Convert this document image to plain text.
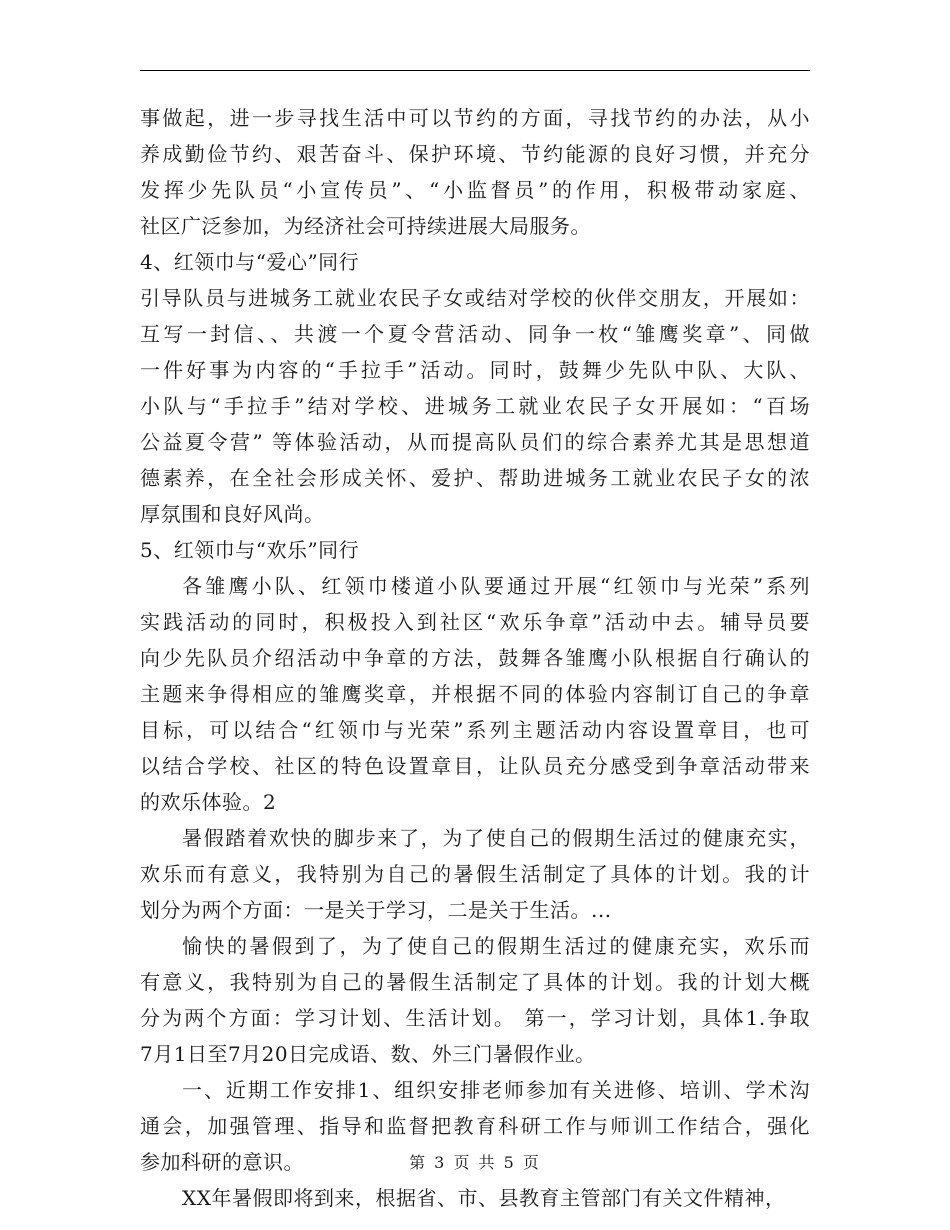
事做起，进一步寻找生活中可以节约的方面，寻找节约的办法，从小
养成勤俭节约、艰苦奋斗、保护环境、节约能源的良好习惯，并充分
发挥少先队员“小宣传员”、“小监督员”的作用，积极带动家庭、
社区广泛参加，为经济社会可持续进展大局服务。
4、红领巾与“爱心”同行
引导队员与进城务工就业农民子女或结对学校的伙伴交朋友，开展如：
互写一封信、、共渡一个夏令营活动、同争一枚“雏鹰奖章”、同做
一件好事为内容的“手拉手”活动。同时，鼓舞少先队中队、大队、
小队与“手拉手”结对学校、进城务工就业农民子女开展如：“百场
公益夏令营” 等体验活动，从而提高队员们的综合素养尤其是思想道
德素养，在全社会形成关怀、爱护、帮助进城务工就业农民子女的浓
厚氛围和良好风尚。
5、红领巾与“欢乐”同行
各雏鹰小队、红领巾楼道小队要通过开展“红领巾与光荣”系列
实践活动的同时，积极投入到社区“欢乐争章”活动中去。辅导员要
向少先队员介绍活动中争章的方法，鼓舞各雏鹰小队根据自行确认的
主题来争得相应的雏鹰奖章，并根据不同的体验内容制订自己的争章
目标，可以结合“红领巾与光荣”系列主题活动内容设置章目，也可
以结合学校、社区的特色设置章目，让队员充分感受到争章活动带来
的欢乐体验。2
暑假踏着欢快的脚步来了，为了使自己的假期生活过的健康充实，
欢乐而有意义，我特别为自己的暑假生活制定了具体的计划。我的计
划分为两个方面：一是关于学习，二是关于生活。...
愉快的暑假到了，为了使自己的假期生活过的健康充实，欢乐而
有意义，我特别为自己的暑假生活制定了具体的计划。我的计划大概
分为两个方面：学习计划、生活计划。 第一，学习计划，具体1.争取
7月1日至7月20日完成语、数、外三门暑假作业。
一、近期工作安排1、组织安排老师参加有关进修、培训、学术沟
通会，加强管理、指导和监督把教育科研工作与师训工作结合，强化
参加科研的意识。
XX年暑假即将到来，根据省、市、县教育主管部门有关文件精神，
第 3 页 共 5 页
